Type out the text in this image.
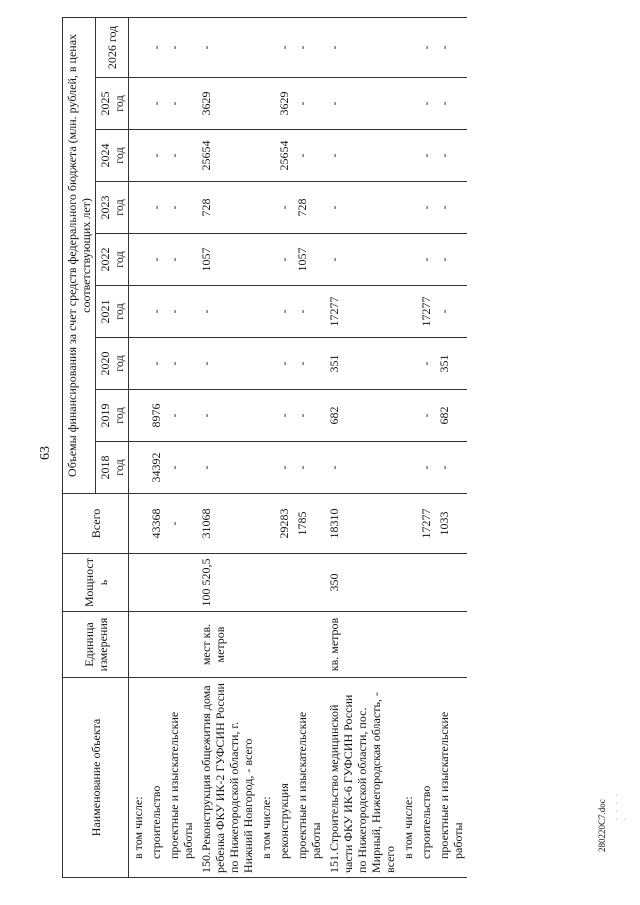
63
280220C7.doc . . . . .
Наименование объекта	Единица измерения	Мощность	Всего	Объемы финансирования за счет средств федерального бюджета (млн. рублей, в ценах соответствующих лет)								
				2018 год	2019 год	2020 год	2021 год	2022 год	2023 год	2024 год	2025 год	2026 год
в том числе:												
строительство			43368	34392	8976	-	-	-	-	-	-	-
проектные и изыскательские работы			-	-	-	-	-	-	-	-	-	-
150.Реконструкция общежития дома ребенка ФКУ ИК-2 ГУФСИН России по Нижегородской области, г. Нижний Новгород, - всего	мест кв. метров	100 520,5	31068	-	-	-	-	1057	728	25654	3629	-
в том числе:												
реконструкция			29283	-	-	-	-	-	-	25654	3629	-
проектные и изыскательские работы			1785	-	-	-	-	1057	728	-	-	-
151.Строительство медицинской части ФКУ ИК-6 ГУФСИН России по Нижегородской области, пос. Мирный, Нижегородская область, - всего	кв. метров	350	18310	-	682	351	17277	-	-	-	-	-
в том числе:												
строительство			17277	-	-	-	17277	-	-	-	-	-
проектные и изыскательские работы			1033	-	682	351	-	-	-	-	-	-
